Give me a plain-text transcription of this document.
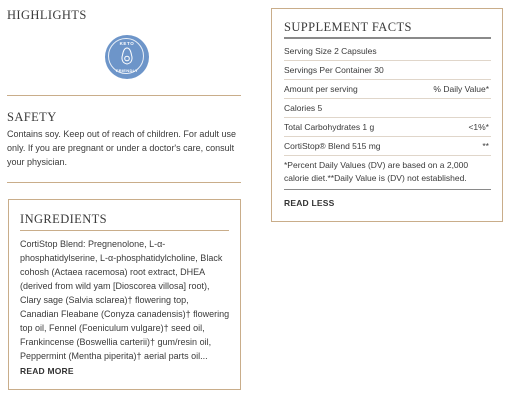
HIGHLIGHTS
KETO
FRIENDLY
SAFETY
Contains soy. Keep out of reach of children. For adult use
only. If you are pregnant or under a doctor's care, consult
your physician.
INGREDIENTS
CortiStop Blend: Pregnenolone, L-α-
phosphatidylserine, L-α-phosphatidylcholine, Black
cohosh (Actaea racemosa) root extract, DHEA
(derived from wild yam [Dioscorea villosa] root),
Clary sage (Salvia sclarea)† flowering top,
Canadian Fleabane (Conyza canadensis)† flowering
top oil, Fennel (Foeniculum vulgare)† seed oil,
Frankincense (Boswellia carterii)† gum/resin oil,
Peppermint (Mentha piperita)† aerial parts oil...
READ MORE
SUPPLEMENT FACTS
Serving Size 2 Capsules
Servings Per Container 30
Amount per serving	% Daily Value*
Calories 5
Total Carbohydrates 1 g	<1%*
CortiStop® Blend 515 mg	**
*Percent Daily Values (DV) are based on a 2,000
calorie diet.**Daily Value is (DV) not established.
READ LESS
